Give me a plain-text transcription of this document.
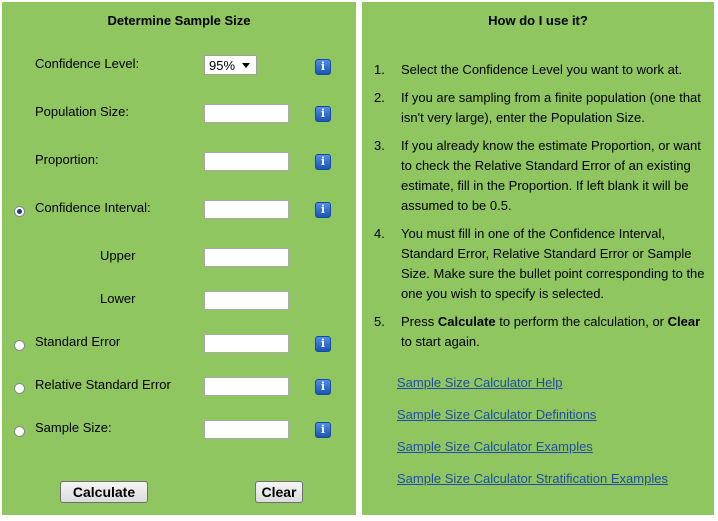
Determine Sample Size
Confidence Level:	95%	i
Population Size:	i
Proportion:	i
Confidence Interval:	i
Upper
Lower
Standard Error	i
Relative Standard Error	i
Sample Size:	i
Calculate	Clear
How do I use it?
1. Select the Confidence Level you want to work at.
2. If you are sampling from a finite population (one that isn't very large), enter the Population Size.
3. If you already know the estimate Proportion, or want to check the Relative Standard Error of an existing estimate, fill in the Proportion. If left blank it will be assumed to be 0.5.
4. You must fill in one of the Confidence Interval, Standard Error, Relative Standard Error or Sample Size. Make sure the bullet point corresponding to the one you wish to specify is selected.
5. Press Calculate to perform the calculation, or Clear to start again.
Sample Size Calculator Help
Sample Size Calculator Definitions
Sample Size Calculator Examples
Sample Size Calculator Stratification Examples
